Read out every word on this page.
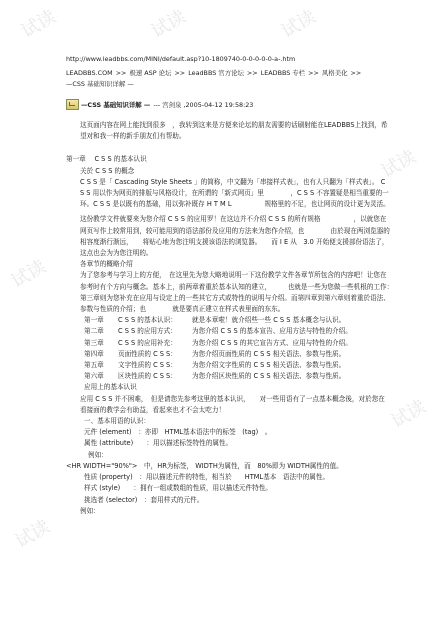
试读	试读	试读
试读
试读
试读
试读
http://www.leadbbs.com/MINI/default.asp?10-1809740-0-0-0-0-0-a-.htm
LEADBBS.COM >> 极速 ASP 论坛 >> LeadBBS 官方论坛 >> LEADBBS 专栏 >> 风格美化 >> —CSS 基础知识详解 —
—CSS 基础知识详解 — --- 宫剑泉 ,2005-04-12 19:58:23

这页面内容在网上能找到很多　，我转到这来是方便来论坛的朋友需要的话刷射能在LEADBBS上找到，希望对和我一样的新手朋友们有帮助。

第一章　 C S S 的基本认识

关於 C S S 的概念

C S S 是「 Cascading Style Sheets 」的简称，中文翻为「串接样式表」，也有人只翻为「样式表」。 C S S 用以作为网页的排版与风格设计，在所谓的「新式网页」里　　　　，C S S 不容置疑是相当重要的一环。C S S 是以既有的基础，用以弥补既存 H T M L　　　　　规格里的不足，也让网页的设计更为灵活。

这份教学文件就要来为您介绍 C S S 的应用罗！在这边并不介绍 C S S 的所有规格　　　　　，以就您在网页写作上较常用到，较可能用到的语法部份及应用的方法来为您作介绍，也　　　　由於现在两浏览器的相容度渐行渐远，　　将贴心地为您注明支援该语法的浏览器。　　而 I E 从　3.0 开始便支援部份语法了，这点也会为为您注明的。

各章节的概略介绍

为了您参考与学习上的方便，　在这里先为您大略地说明一下这份教学文件各章节所包含的内容吧！让您在参考时有个方向与概念。基本上，前两章着重於基本认知的建立，　　　也就是一些为您做一些机根的工作：　　第三章则为您补充在应用与设定上的一些其它方式或特性的说明与介绍。而第四章到第六章则着重於语法、参数与性质的介绍；也　　　　就是要真正建立在样式表里面的东东。

第一章	C S S 的基本认识：	就是本章啦！就介绍些一些 C S S 基本概念与认识。
第二章	C S S 的应用方式：	为您介绍 C S S 的基本宣告、应用方法与特性的介绍。
第三章	C S S 的应用补充：	为您介绍 C S S 的其它宣告方式、应用与特性的介绍。
第四章	页面性质的 C S S：	为您介绍页面性质的 C S S 相关语法、参数与性质。
第五章	文字性质的 C S S：	为您介绍文字性质的 C S S 相关语法、参数与性质。
第六章	区块性质的 C S S：	为您介绍区块性质的 C S S 相关语法、参数与性质。

应用上的基本认识

应用 C S S 并不困难，　但是请您先参考这里的基本认识，　　对一些用语有了一点基本概念後，对於您在看接面的教学会有助益，看起来也才不会太吃力！

一、基本用语的认识：

元件 (element)　：亦即　HTML基本语法中的标签　(tag)　。

属性 (attribute)　　：用以描述标签特性的属性。

例如：

<HR WIDTH="90%">　中，HR为标签， WIDTH为属性，而　80%即为 WIDTH属性的值。

性质 (property)　：用以描述元件的特性，相当於　　HTML基本　语法中的属性。

样式 (style)　　：拥有一组或数组的性质，用以描述元件特性。

挑选者 (selector)　：套用样式的元件。

例如：
